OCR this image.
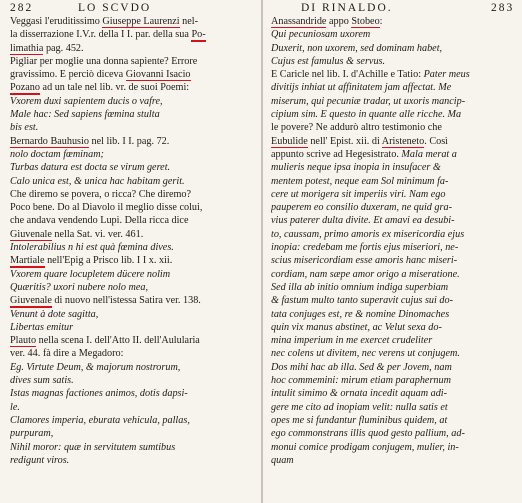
282	LO SCVDO
Veggasi l'eruditissimo Giuseppe Laurenzi nel-
la disserrazione I.V.r. della I I. par. della sua Po-
limathia pag. 452.
Pigliar per moglie una donna sapiente? Errore
gravissimo. E perciò diceva Giovanni Isacio
Pozano ad un tale nel lib. vr. de suoi Poemi:
Vxorem duxi sapientem ducis o vafre,
Male hac: Sed sapiens fœmina stulta
bis est.
Bernardo Bauhusio nel lib. I I. pag. 72.
nolo doctam fœminam;
Turbas datura est docta se virum geret.
Calo unica est, & unica hac habitam gerit.
Che diremo se povera, o ricca? Che diremo?
Poco bene. Do al Diavolo il meglio disse colui,
che andava vendendo Lupi. Della ricca dice
Giuvenale nella Sat. vi. ver. 461.
Intolerabilius n hi est quà fœmina dives.
Martiale nell'Epig a Prisco lib. I I x. xii.
Vxorem quare locupletem dücere nolim
Quæritis? uxori nubere nolo mea,
Giuvenale di nuovo nell'istessa Satira ver. 138.
Venunt à dote sagitta,
Libertas emitur
Plauto nella scena I. dell'Atto II. dell'Aulularia
ver. 44. fà dire a Megadoro:
Eg. Virtute Deum, & majorum nostrorum,
dives sum satis.
Istas magnas factiones animos, dotis dapsi-
le.
Clamores imperia, eburata vehicula, pallas,
purpuram,
Nihil moror: quæ in servitutem sumtibus
redigunt viros.
DI RINALDO.	283
Anassandride appo Stobeo:
Qui pecuniosam uxorem
Duxerit, non uxorem, sed dominam habet,
Cujus est famulus & servus.
E Caricle nel lib. I. d'Achille e Tatio: Pater meus
divitijs inhiat ut affinitatem jam affectat. Me
miserum, qui pecuniæ tradar, ut uxoris mancip-
cipium sim. E questo in quante alle ricche. Ma
le povere? Ne addurò altro testimonio che
Eubulide nell' Epist. xii. di Aristeneto. Così
appunto scrive ad Hegesistrato. Mala merat a
mulieris neque ipsa inopia in insufacer &
mentem potest, neque eam Sol minimum fa-
cere ut morigera sit imperiis viri. Nam ego
pauperem eo consilio duxeram, ne quid gra-
vius paterer dulta divite. Et amavi ea desubi-
to, caussam, primo amoris ex misericordia ejus
inopia: credebam me fortis ejus miseriori, ne-
scius misericordiam esse amoris hanc miseri-
cordiam, nam sæpe amor origo a miseratione.
Sed illa ab initio omnium indiga superbiam
& fastum multo tanto superavit cujus sui do-
tata conjuges est, re & nomine Dinomaches
quin vix manus abstinet, ac Velut sexa do-
mina imperium in me exercet crudeliter
nec colens ut divitem, nec verens ut conjugem.
Dos mihi hac ab illa. Sed & per Jovem, nam
hoc commemini: mirum etiam paraphernum
intulit simimo & ornata incedit aquam adi-
gere me cito ad inopiam velit: nulla satis et
opes me si fundantur fluminibus quidem, at
ego commonstrans illis quod gesto pallium, ad-
monui comice prodigam conjugem, mulier, in-
quam
